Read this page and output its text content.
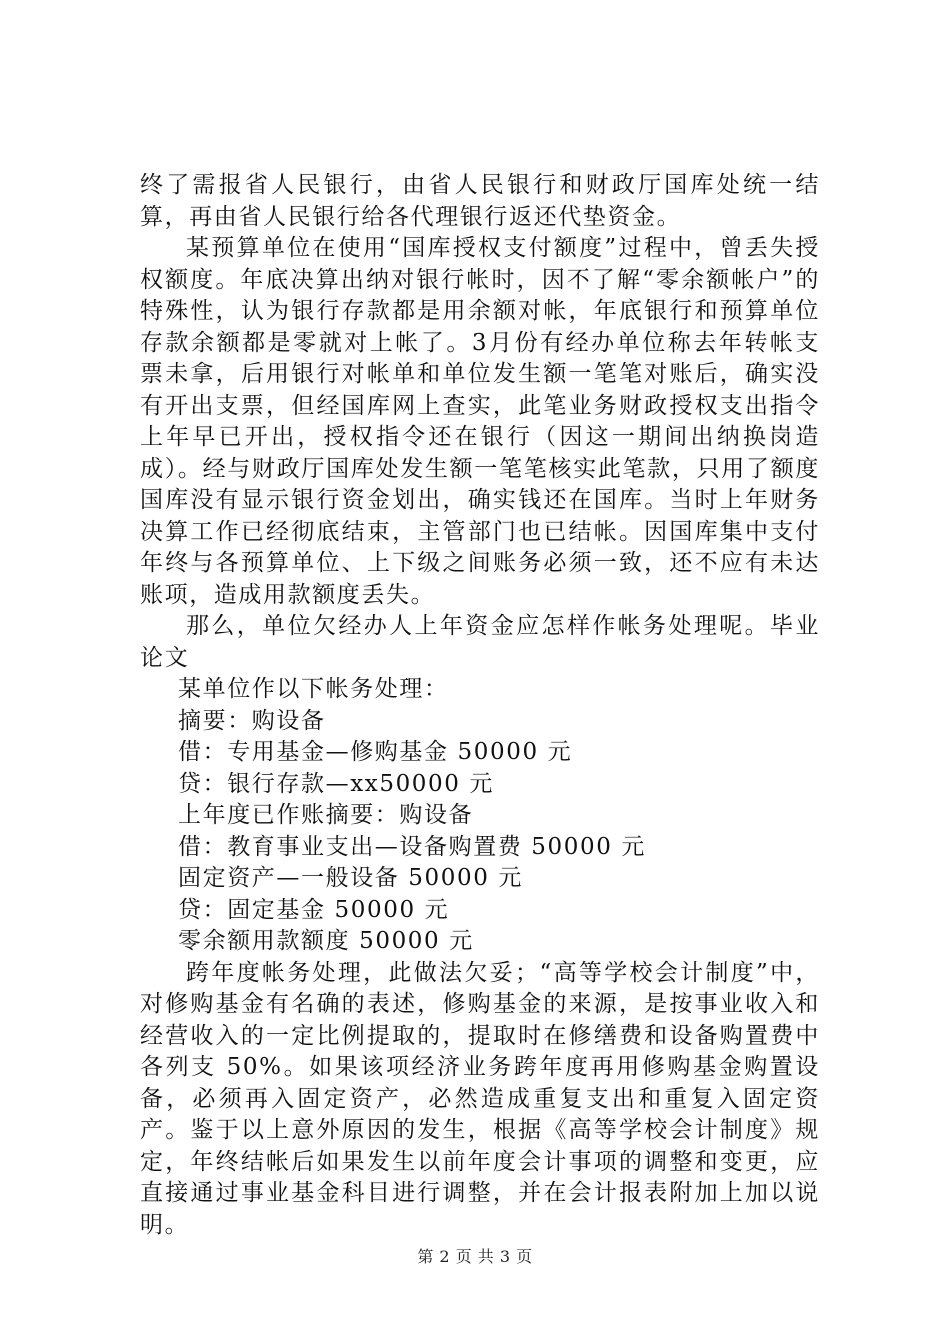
终了需报省人民银行，由省人民银行和财政厅国库处统一结算，再由省人民银行给各代理银行返还代垫资金。

某预算单位在使用“国库授权支付额度”过程中，曾丢失授权额度。年底决算出纳对银行帐时，因不了解“零余额帐户”的特殊性，认为银行存款都是用余额对帐，年底银行和预算单位存款余额都是零就对上帐了。3月份有经办单位称去年转帐支票未拿，后用银行对帐单和单位发生额一笔笔对账后，确实没有开出支票，但经国库网上查实，此笔业务财政授权支出指令上年早已开出，授权指令还在银行（因这一期间出纳换岗造成）。经与财政厅国库处发生额一笔笔核实此笔款，只用了额度国库没有显示银行资金划出，确实钱还在国库。当时上年财务决算工作已经彻底结束，主管部门也已结帐。因国库集中支付年终与各预算单位、上下级之间账务必须一致，还不应有未达账项，造成用款额度丢失。

那么，单位欠经办人上年资金应怎样作帐务处理呢。毕业论文

某单位作以下帐务处理：

摘要：购设备

借：专用基金—修购基金 50000 元

贷：银行存款—xx50000 元

上年度已作账摘要：购设备

借：教育事业支出—设备购置费 50000 元

固定资产—一般设备 50000 元

贷：固定基金 50000 元

零余额用款额度 50000 元

跨年度帐务处理，此做法欠妥；“高等学校会计制度”中，对修购基金有名确的表述，修购基金的来源，是按事业收入和经营收入的一定比例提取的，提取时在修缮费和设备购置费中各列支 50%。如果该项经济业务跨年度再用修购基金购置设备，必须再入固定资产，必然造成重复支出和重复入固定资产。鉴于以上意外原因的发生，根据《高等学校会计制度》规定，年终结帐后如果发生以前年度会计事项的调整和变更，应直接通过事业基金科目进行调整，并在会计报表附加上加以说明。

第 2 页 共 3 页
